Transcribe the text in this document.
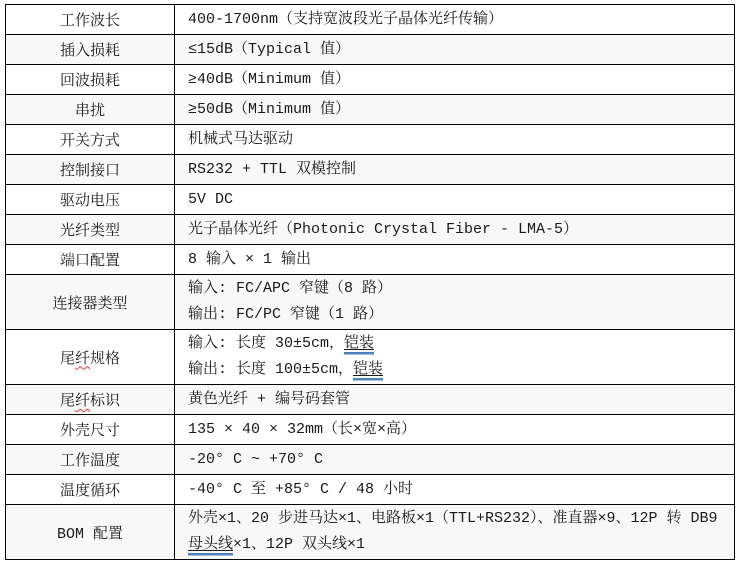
工作波长	400-1700nm（支持宽波段光子晶体光纤传输）

插入损耗	≤15dB（Typical 值）

回波损耗	≥40dB（Minimum 值）

串扰	≥50dB（Minimum 值）

开关方式	机械式马达驱动

控制接口	RS232 + TTL 双模控制

驱动电压	5V DC

光纤类型	光子晶体光纤（Photonic Crystal Fiber - LMA-5）

端口配置	8 输入 × 1 输出

连接器类型	输入: FC/APC 窄键（8 路）
输出: FC/PC 窄键（1 路）

尾纤规格	输入: 长度 30±5cm，铠装
输出: 长度 100±5cm，铠装

尾纤标识	黄色光纤 + 编号码套管

外壳尺寸	135 × 40 × 32mm（长×宽×高）

工作温度	-20° C ~ +70° C

温度循环	-40° C 至 +85° C / 48 小时

BOM 配置	外壳×1、20 步进马达×1、电路板×1（TTL+RS232）、准直器×9、12P 转 DB9
母头线×1、12P 双头线×1
